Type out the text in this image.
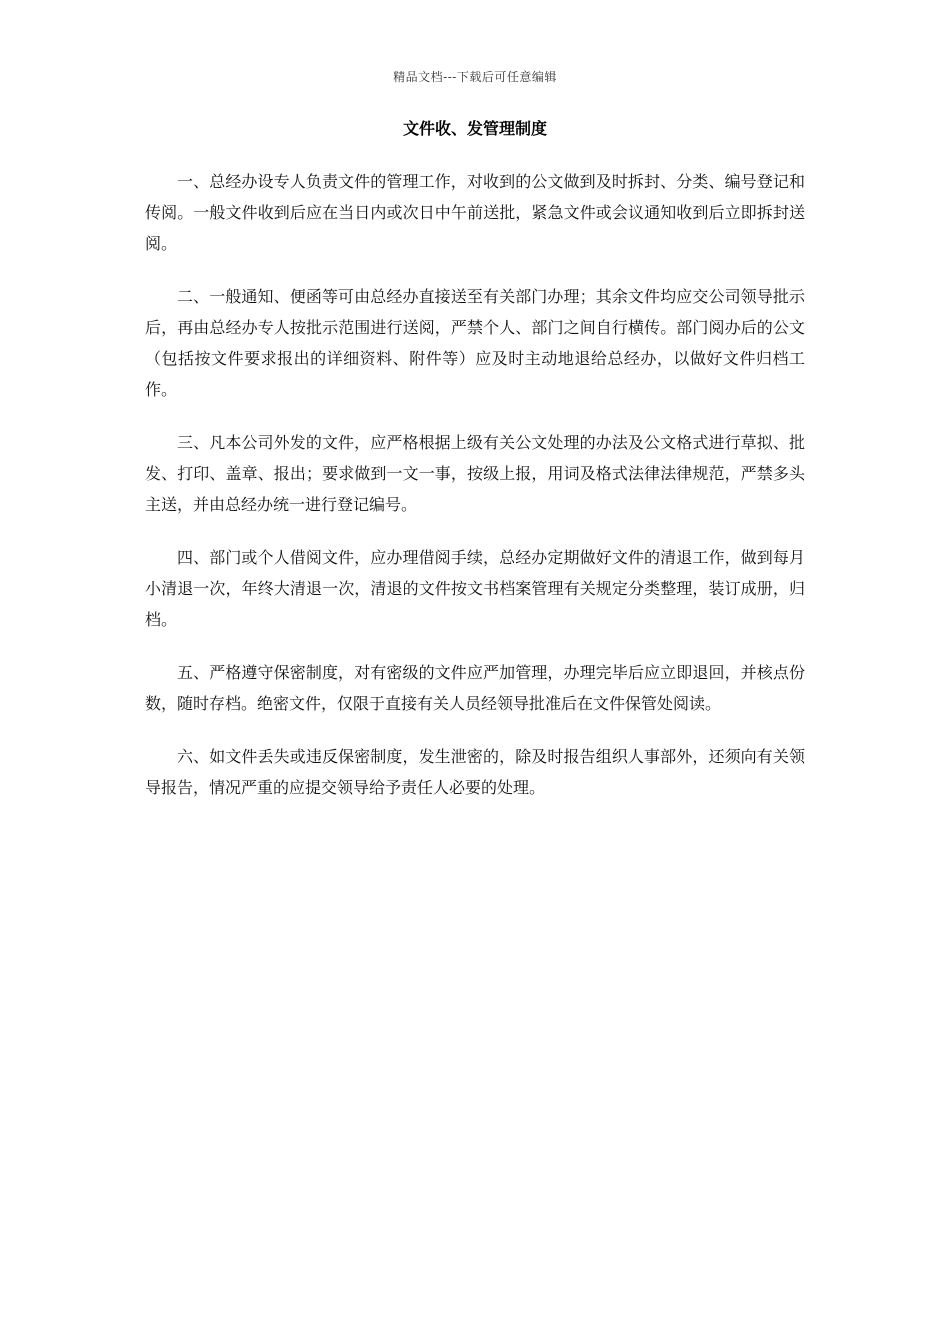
精品文档---下载后可任意编辑
文件收、发管理制度

一、总经办设专人负责文件的管理工作，对收到的公文做到及时拆封、分类、编号登记和传阅。一般文件收到后应在当日内或次日中午前送批，紧急文件或会议通知收到后立即拆封送阅。

二、一般通知、便函等可由总经办直接送至有关部门办理；其余文件均应交公司领导批示后，再由总经办专人按批示范围进行送阅，严禁个人、部门之间自行横传。部门阅办后的公文（包括按文件要求报出的详细资料、附件等）应及时主动地退给总经办，以做好文件归档工作。

三、凡本公司外发的文件，应严格根据上级有关公文处理的办法及公文格式进行草拟、批发、打印、盖章、报出；要求做到一文一事，按级上报，用词及格式法律法律规范，严禁多头主送，并由总经办统一进行登记编号。

四、部门或个人借阅文件，应办理借阅手续，总经办定期做好文件的清退工作，做到每月小清退一次，年终大清退一次，清退的文件按文书档案管理有关规定分类整理，装订成册，归档。

五、严格遵守保密制度，对有密级的文件应严加管理，办理完毕后应立即退回，并核点份数，随时存档。绝密文件，仅限于直接有关人员经领导批准后在文件保管处阅读。

六、如文件丢失或违反保密制度，发生泄密的，除及时报告组织人事部外，还须向有关领导报告，情况严重的应提交领导给予责任人必要的处理。
